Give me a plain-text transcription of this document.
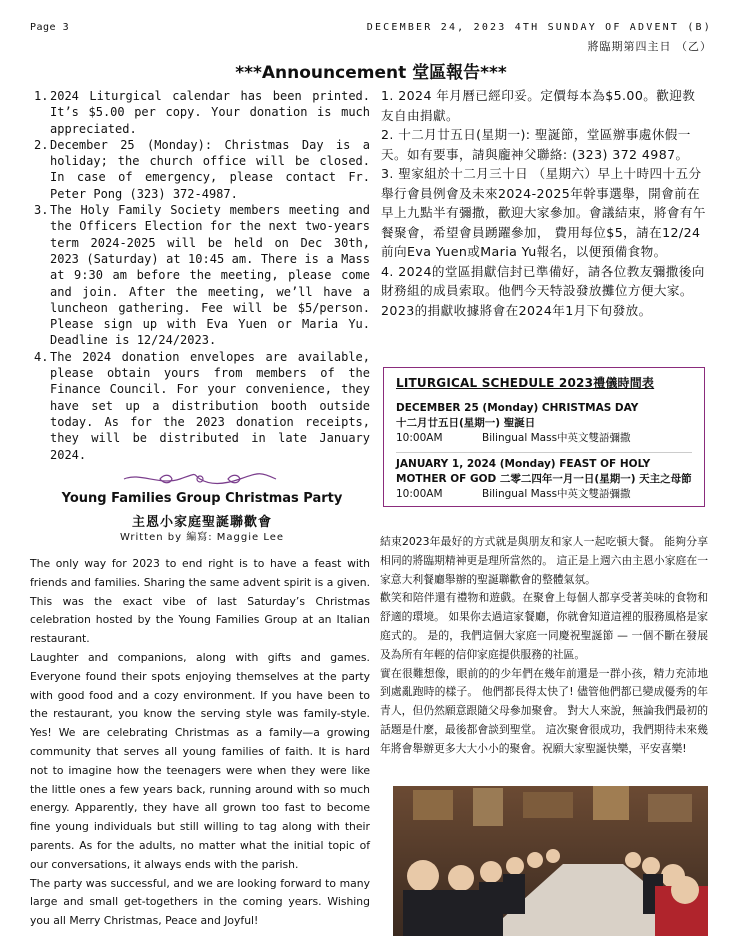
Page 3	DECEMBER 24, 2023 4TH SUNDAY OF ADVENT (B)
將臨期第四主日 （乙）
***Announcement 堂區報告***
1. 2024 Liturgical calendar has been printed. It’s $5.00 per copy. Your donation is much appreciated.
2. December 25 (Monday): Christmas Day is a holiday; the church office will be closed. In case of emergency, please contact Fr. Peter Pong (323) 372-4987.
3. The Holy Family Society members meeting and the Officers Election for the next two-years term 2024-2025 will be held on Dec 30th, 2023 (Saturday) at 10:45 am. There is a Mass at 9:30 am before the meeting, please come and join. After the meeting, we’ll have a luncheon gathering. Fee will be $5/person. Please sign up with Eva Yuen or Maria Yu. Deadline is 12/24/2023.
4. The 2024 donation envelopes are available, please obtain yours from members of the Finance Council. For your convenience, they have set up a distribution booth outside today. As for the 2023 donation receipts, they will be distributed in late January 2024.
1. 2024 年月曆已經印妥。定價每本為$5.00。歡迎教友自由捐獻。
2. 十二月廿五日(星期一): 聖誕節，堂區辦事處休假一天。如有要事，請與龐神父聯絡: (323) 372 4987。
3. 聖家組於十二月三十日 （星期六）早上十時四十五分舉行會員例會及未來2024-2025年幹事選舉，開會前在早上九點半有彌撒，歡迎大家參加。會議結束，將會有午餐聚會，希望會員踴躍參加， 費用每位$5，請在12/24前向Eva Yuen或Maria Yu報名，以便預備食物。
4. 2024的堂區捐獻信封已準備好，請各位教友彌撒後向財務組的成員索取。他們今天特設發放攤位方便大家。 2023的捐獻收據將會在2024年1月下旬發放。
LITURGICAL SCHEDULE 2023禮儀時間表
DECEMBER 25 (Monday) CHRISTMAS DAY
十二月廿五日(星期一) 聖誕日
10:00AM	Bilingual Mass中英文雙語彌撒
JANUARY 1, 2024 (Monday) FEAST OF HOLY MOTHER OF GOD 二零二四年一月一日(星期一) 天主之母節
10:00AM	Bilingual Mass中英文雙語彌撒
Young Families Group Christmas Party
主恩小家庭聖誕聯歡會
Written by 編寫: Maggie Lee

The only way for 2023 to end right is to have a feast with friends and families. Sharing the same advent spirit is a given. This was the exact vibe of last Saturday’s Christmas celebration hosted by the Young Families Group at an Italian restaurant.

Laughter and companions, along with gifts and games. Everyone found their spots enjoying themselves at the party with good food and a cozy environment. If you have been to the restaurant, you know the serving style was family-style. Yes! We are celebrating Christmas as a family—a growing community that serves all young families of faith. It is hard not to imagine how the teenagers were when they were like the little ones a few years back, running around with so much energy. Apparently, they have all grown too fast to become fine young individuals but still willing to tag along with their parents. As for the adults, no matter what the initial topic of our conversations, it always ends with the parish.

The party was successful, and we are looking forward to many large and small get-togethers in the coming years. Wishing you all Merry Christmas, Peace and Joyful!

結束2023年最好的方式就是與朋友和家人一起吃頓大餐。 能夠分享相同的將臨期精神更是理所當然的。 這正是上週六由主恩小家庭在一家意大利餐廳舉辦的聖誕聯歡會的整體氣氛。

歡笑和陪伴還有禮物和遊戲。在聚會上每個人都享受著美味的食物和舒適的環境。 如果你去過這家餐廳，你就會知道這裡的服務風格是家庭式的。 是的，我們這個大家庭一同慶祝聖誕節 — 一個不斷在發展及為所有年輕的信仰家庭提供服務的社區。

實在很難想像，眼前的的少年們在幾年前還是一群小孩，精力充沛地到處亂跑時的樣子。 他們都長得太快了! 儘管他們都已變成優秀的年青人，但仍然願意跟隨父母參加聚會。 對大人來說，無論我們最初的話題是什麼，最後都會談到聖堂。 這次聚會很成功，我們期待未來幾年將會舉辦更多大大小小的聚會。祝願大家聖誕快樂，平安喜樂!
